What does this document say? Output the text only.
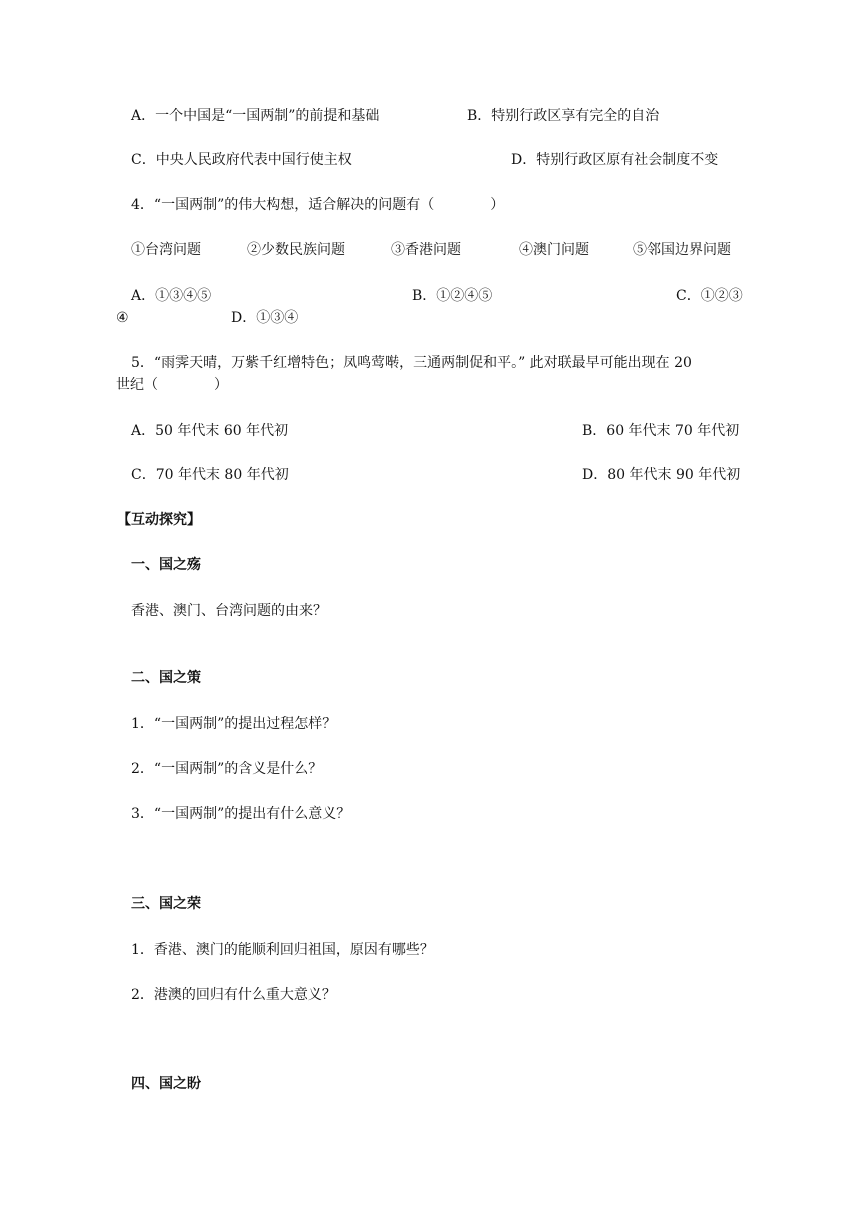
A．一个中国是“一国两制”的前提和基础	B．特别行政区享有完全的自治
C．中央人民政府代表中国行使主权	D．特别行政区原有社会制度不变
4．“一国两制”的伟大构想，适合解决的问题有（　　　　）
①台湾问题	②少数民族问题	③香港问题	④澳门问题	⑤邻国边界问题
A．①③④⑤	B．①②④⑤	C．①②③
④	D．①③④
5．“雨霁天晴，万紫千红增特色；凤鸣莺啭，三通两制促和平。” 此对联最早可能出现在 20
世纪（　　　　）
A．50 年代末 60 年代初	B．60 年代末 70 年代初
C．70 年代末 80 年代初	D．80 年代末 90 年代初
【互动探究】
一、国之殇
香港、澳门、台湾问题的由来？
二、国之策
1．“一国两制”的提出过程怎样？
2．“一国两制”的含义是什么？
3．“一国两制”的提出有什么意义？
三、国之荣
1．香港、澳门的能顺利回归祖国，原因有哪些？
2．港澳的回归有什么重大意义？
四、国之盼
